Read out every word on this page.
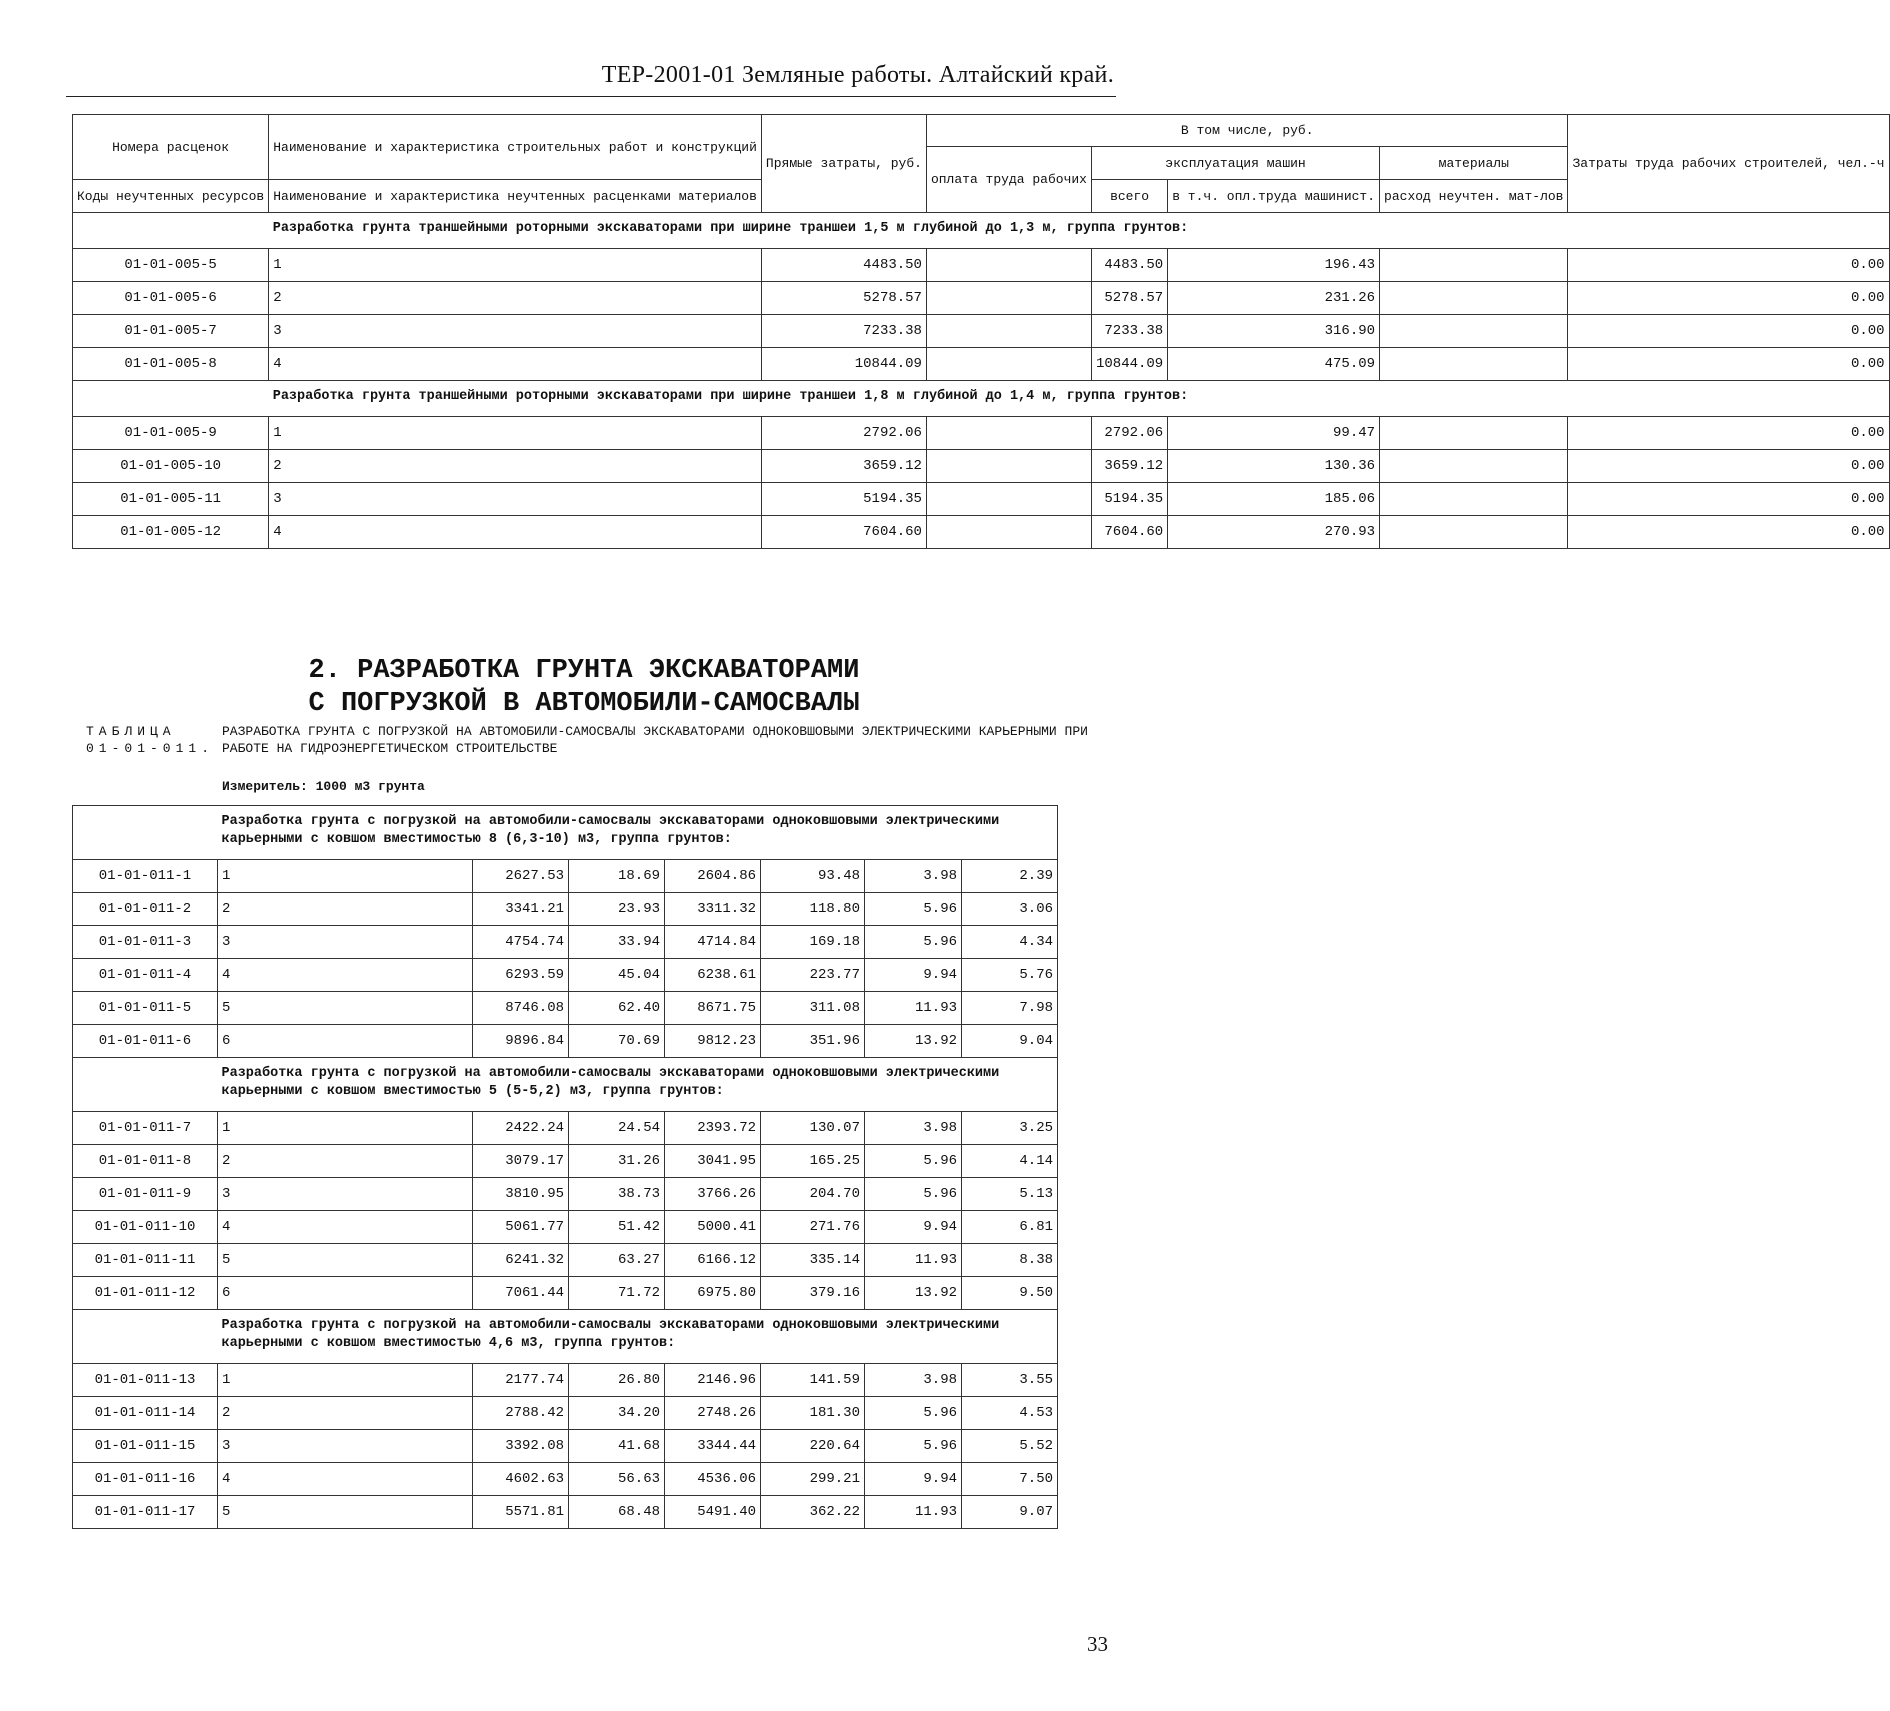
ТЕР-2001-01 Земляные работы. Алтайский край.
Номера расценок	Наименование и характеристика строительных работ и конструкций	Прямые затраты, руб.	В том числе, руб.				Затраты труда рабочих строителей, чел.-ч
			оплата труда рабочих	эксплуатация машин		материалы	
Коды неучтенных ресурсов	Наименование и характеристика неучтенных расценками материалов			всего	в т.ч. опл.труда машинист.	расход неучтен. мат-лов	

	Разработка грунта траншейными роторными экскаваторами при ширине траншеи 1,5 м глубиной до 1,3 м, группа грунтов:						
01-01-005-5	1	4483.50		4483.50	196.43		0.00
01-01-005-6	2	5278.57		5278.57	231.26		0.00
01-01-005-7	3	7233.38		7233.38	316.90		0.00
01-01-005-8	4	10844.09		10844.09	475.09		0.00
	Разработка грунта траншейными роторными экскаваторами при ширине траншеи 1,8 м глубиной до 1,4 м, группа грунтов:						
01-01-005-9	1	2792.06		2792.06	99.47		0.00
01-01-005-10	2	3659.12		3659.12	130.36		0.00
01-01-005-11	3	5194.35		5194.35	185.06		0.00
01-01-005-12	4	7604.60		7604.60	270.93		0.00
2. РАЗРАБОТКА ГРУНТА ЭКСКАВАТОРАМИ
С ПОГРУЗКОЙ В АВТОМОБИЛИ-САМОСВАЛЫ
ТАБЛИЦА 01-01-011.
РАЗРАБОТКА ГРУНТА С ПОГРУЗКОЙ НА АВТОМОБИЛИ-САМОСВАЛЫ ЭКСКАВАТОРАМИ ОДНОКОВШОВЫМИ ЭЛЕКТРИЧЕСКИМИ КАРЬЕРНЫМИ ПРИ РАБОТЕ НА ГИДРОЭНЕРГЕТИЧЕСКОМ СТРОИТЕЛЬСТВЕ
Измеритель: 1000 м3 грунта
	Разработка грунта с погрузкой на автомобили-самосвалы экскаваторами одноковшовыми электрическими карьерными с ковшом вместимостью 8 (6,3-10) м3, группа грунтов:						
01-01-011-1	1	2627.53	18.69	2604.86	93.48	3.98	2.39
01-01-011-2	2	3341.21	23.93	3311.32	118.80	5.96	3.06
01-01-011-3	3	4754.74	33.94	4714.84	169.18	5.96	4.34
01-01-011-4	4	6293.59	45.04	6238.61	223.77	9.94	5.76
01-01-011-5	5	8746.08	62.40	8671.75	311.08	11.93	7.98
01-01-011-6	6	9896.84	70.69	9812.23	351.96	13.92	9.04
	Разработка грунта с погрузкой на автомобили-самосвалы экскаваторами одноковшовыми электрическими карьерными с ковшом вместимостью 5 (5-5,2) м3, группа грунтов:						
01-01-011-7	1	2422.24	24.54	2393.72	130.07	3.98	3.25
01-01-011-8	2	3079.17	31.26	3041.95	165.25	5.96	4.14
01-01-011-9	3	3810.95	38.73	3766.26	204.70	5.96	5.13
01-01-011-10	4	5061.77	51.42	5000.41	271.76	9.94	6.81
01-01-011-11	5	6241.32	63.27	6166.12	335.14	11.93	8.38
01-01-011-12	6	7061.44	71.72	6975.80	379.16	13.92	9.50
	Разработка грунта с погрузкой на автомобили-самосвалы экскаваторами одноковшовыми электрическими карьерными с ковшом вместимостью 4,6 м3, группа грунтов:						
01-01-011-13	1	2177.74	26.80	2146.96	141.59	3.98	3.55
01-01-011-14	2	2788.42	34.20	2748.26	181.30	5.96	4.53
01-01-011-15	3	3392.08	41.68	3344.44	220.64	5.96	5.52
01-01-011-16	4	4602.63	56.63	4536.06	299.21	9.94	7.50
01-01-011-17	5	5571.81	68.48	5491.40	362.22	11.93	9.07
33
